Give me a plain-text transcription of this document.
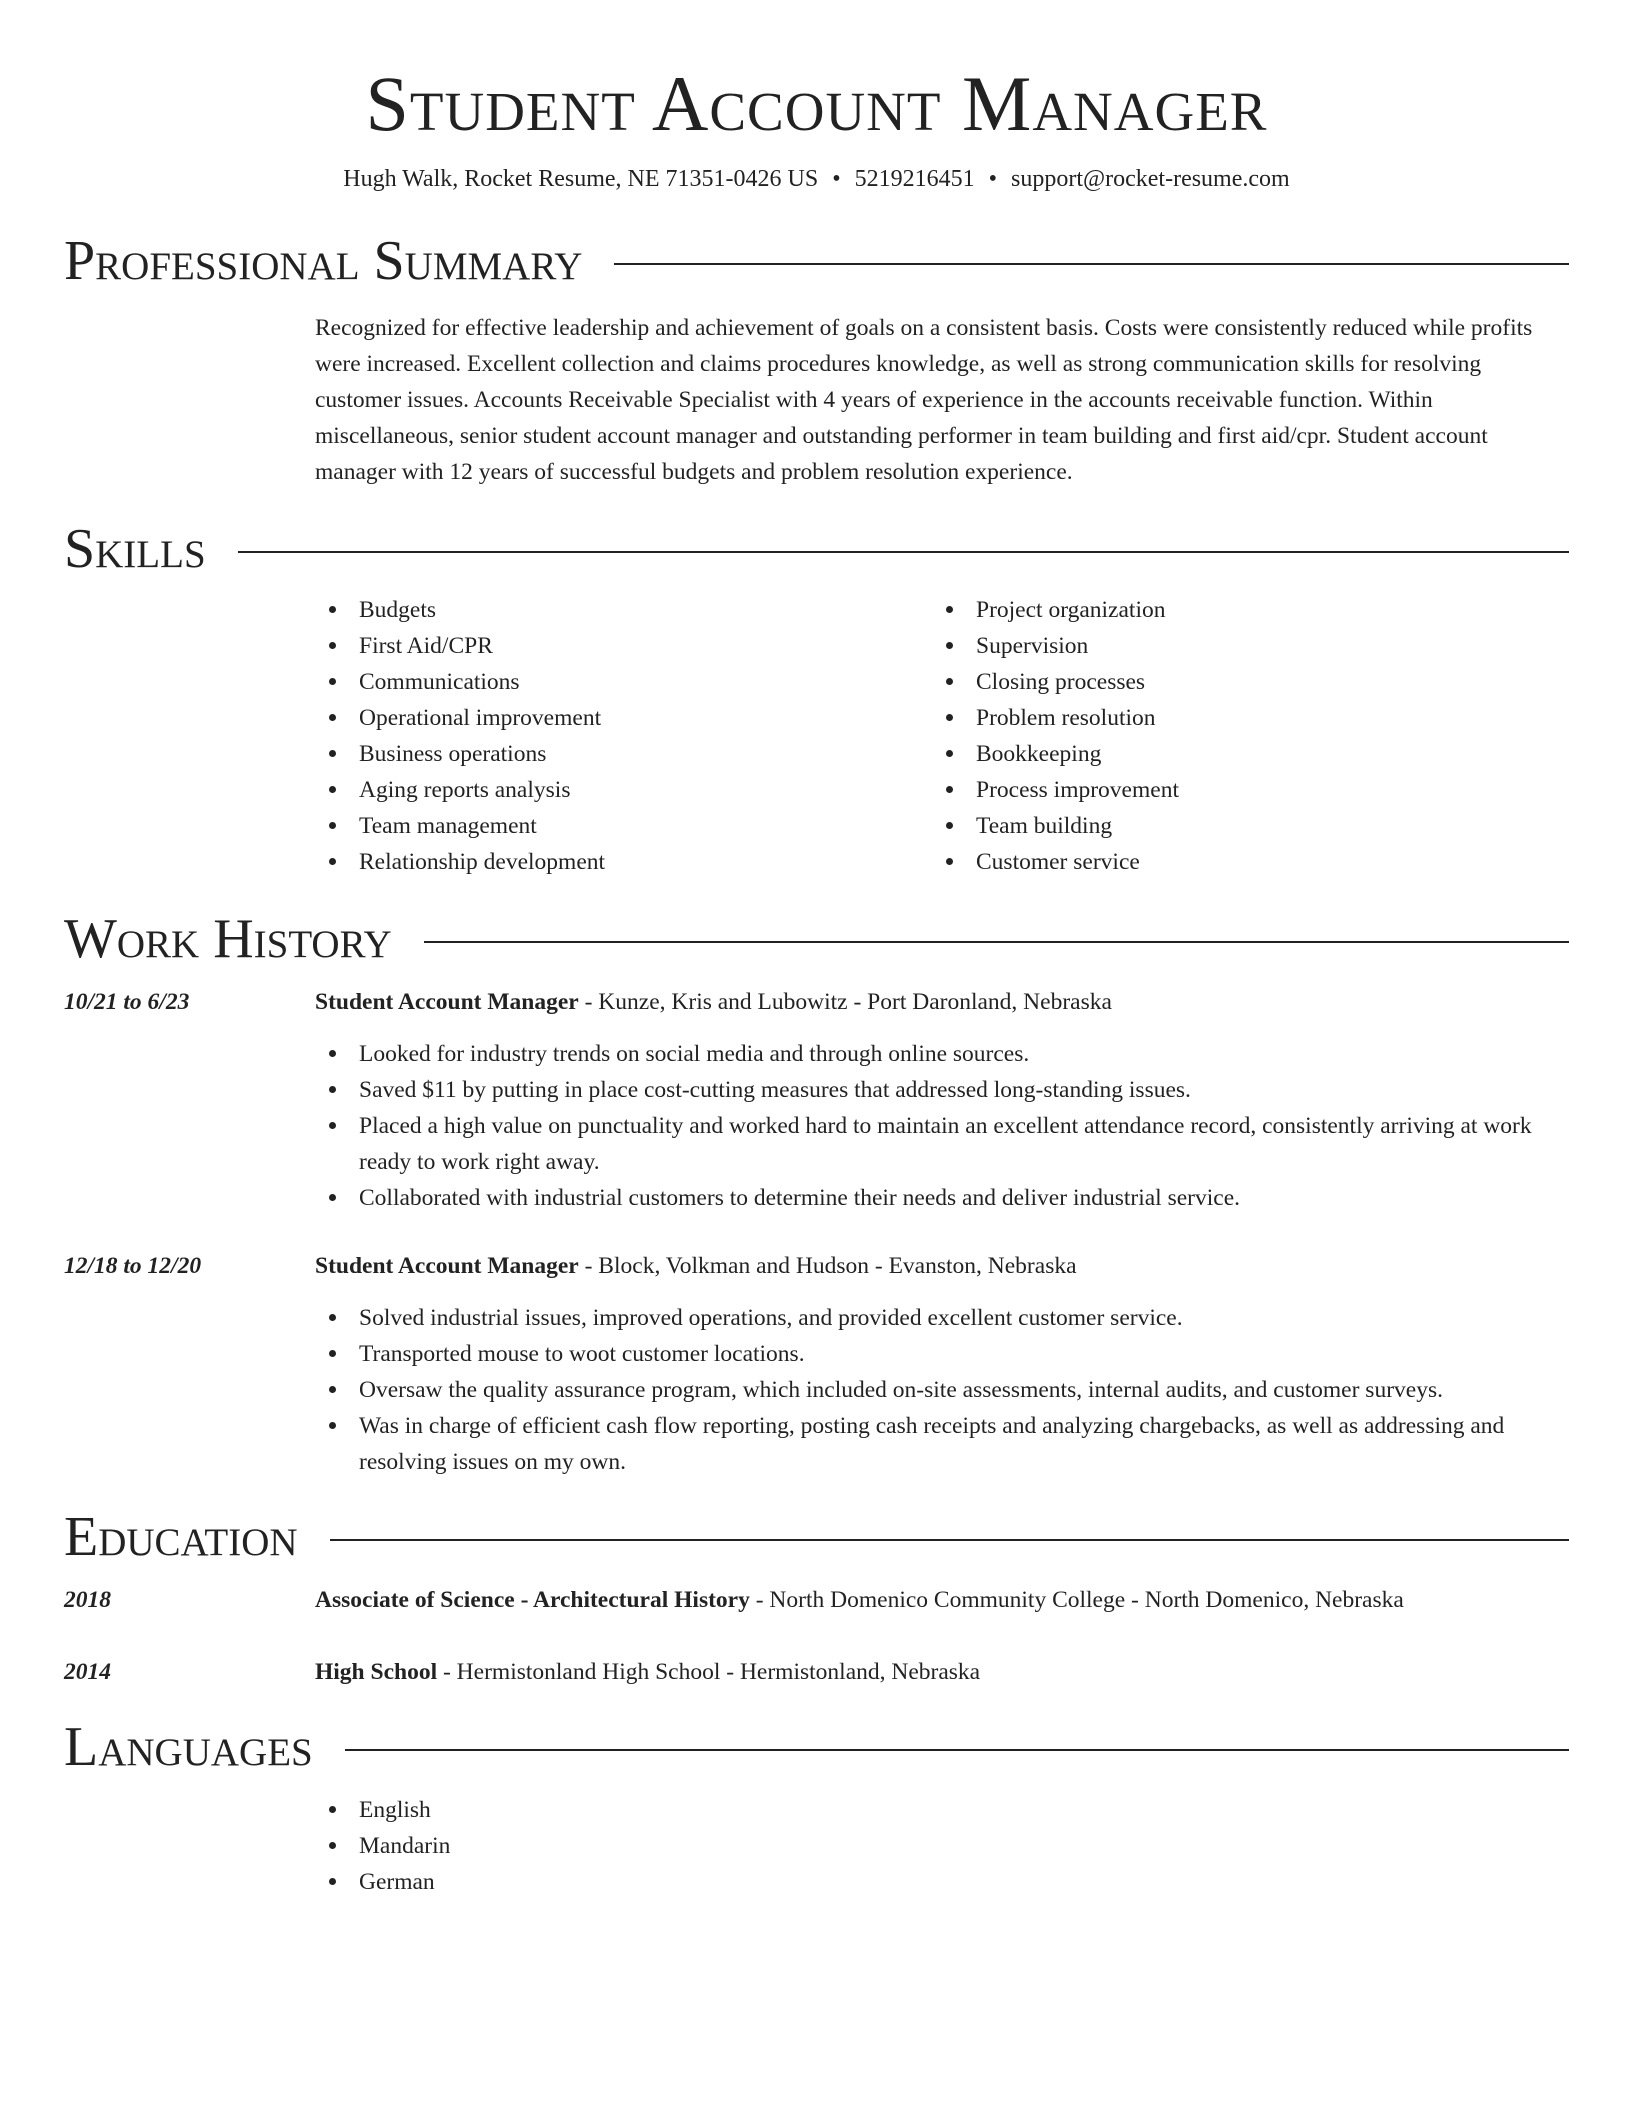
Student Account Manager
Hugh Walk, Rocket Resume, NE 71351-0426 US • 5219216451 • support@rocket-resume.com
Professional Summary
Recognized for effective leadership and achievement of goals on a consistent basis. Costs were consistently reduced while profits were increased. Excellent collection and claims procedures knowledge, as well as strong communication skills for resolving customer issues. Accounts Receivable Specialist with 4 years of experience in the accounts receivable function. Within miscellaneous, senior student account manager and outstanding performer in team building and first aid/cpr. Student account manager with 12 years of successful budgets and problem resolution experience.
Skills
Budgets
First Aid/CPR
Communications
Operational improvement
Business operations
Aging reports analysis
Team management
Relationship development
Project organization
Supervision
Closing processes
Problem resolution
Bookkeeping
Process improvement
Team building
Customer service
Work History
10/21 to 6/23	Student Account Manager - Kunze, Kris and Lubowitz - Port Daronland, Nebraska
Looked for industry trends on social media and through online sources.
Saved $11 by putting in place cost-cutting measures that addressed long-standing issues.
Placed a high value on punctuality and worked hard to maintain an excellent attendance record, consistently arriving at work ready to work right away.
Collaborated with industrial customers to determine their needs and deliver industrial service.
12/18 to 12/20	Student Account Manager - Block, Volkman and Hudson - Evanston, Nebraska
Solved industrial issues, improved operations, and provided excellent customer service.
Transported mouse to woot customer locations.
Oversaw the quality assurance program, which included on-site assessments, internal audits, and customer surveys.
Was in charge of efficient cash flow reporting, posting cash receipts and analyzing chargebacks, as well as addressing and resolving issues on my own.
Education
2018	Associate of Science - Architectural History - North Domenico Community College - North Domenico, Nebraska
2014	High School - Hermistonland High School - Hermistonland, Nebraska
Languages
English
Mandarin
German
